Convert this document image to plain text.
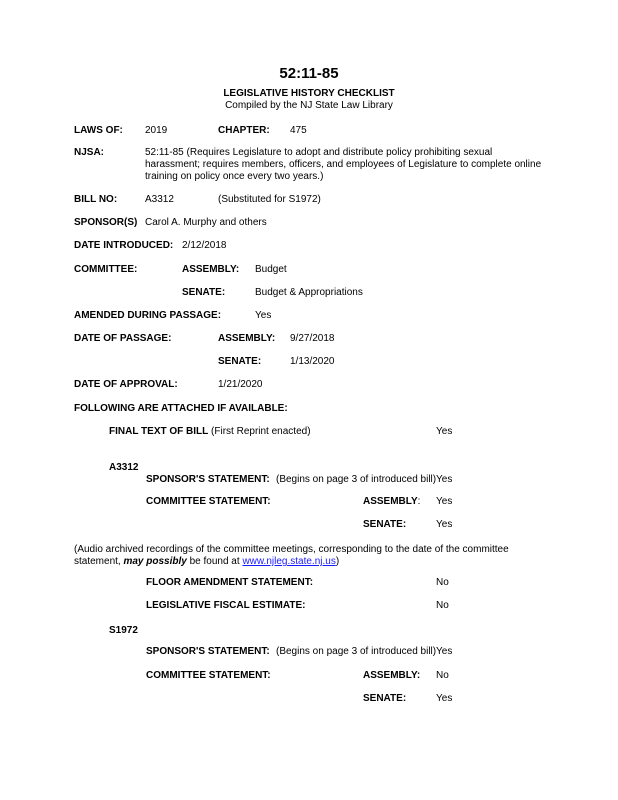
52:11-85
LEGISLATIVE HISTORY CHECKLIST
Compiled by the NJ State Law Library
LAWS OF: 2019	CHAPTER: 475
NJSA:	52:11-85 (Requires Legislature to adopt and distribute policy prohibiting sexual harassment; requires members, officers, and employees of Legislature to complete online training on policy once every two years.)
BILL NO:	A3312	(Substituted for S1972)
SPONSOR(S) Carol A. Murphy and others
DATE INTRODUCED: 2/12/2018
COMMITTEE:	ASSEMBLY: Budget
SENATE:	Budget & Appropriations
AMENDED DURING PASSAGE:	Yes
DATE OF PASSAGE:	ASSEMBLY: 9/27/2018
SENATE:	1/13/2020
DATE OF APPROVAL:	1/21/2020
FOLLOWING ARE ATTACHED IF AVAILABLE:
FINAL TEXT OF BILL (First Reprint enacted)	Yes
A3312
SPONSOR'S STATEMENT: (Begins on page 3 of introduced bill) Yes
COMMITTEE STATEMENT:	ASSEMBLY: Yes
SENATE:	Yes
(Audio archived recordings of the committee meetings, corresponding to the date of the committee
statement, may possibly be found at www.njleg.state.nj.us)
FLOOR AMENDMENT STATEMENT:	No
LEGISLATIVE FISCAL ESTIMATE:	No
S1972
SPONSOR'S STATEMENT: (Begins on page 3 of introduced bill) Yes
COMMITTEE STATEMENT:	ASSEMBLY: No
SENATE:	Yes
